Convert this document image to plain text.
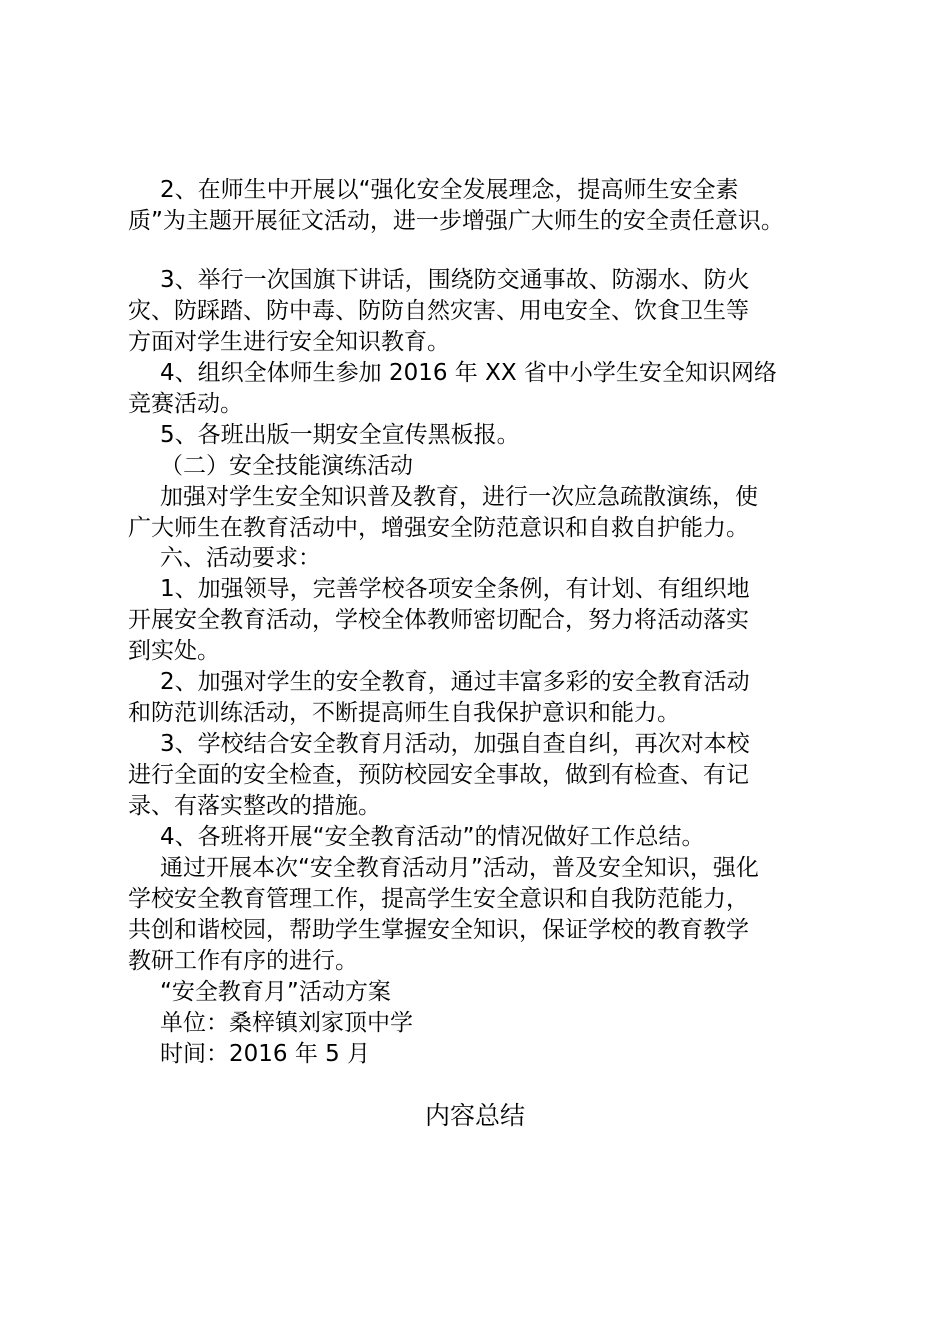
2、在师生中开展以“强化安全发展理念，提高师生安全素
质”为主题开展征文活动，进一步增强广大师生的安全责任意识。
3、举行一次国旗下讲话，围绕防交通事故、防溺水、防火
灾、防踩踏、防中毒、防防自然灾害、用电安全、饮食卫生等
方面对学生进行安全知识教育。
4、组织全体师生参加 2016 年 XX 省中小学生安全知识网络
竞赛活动。
5、各班出版一期安全宣传黑板报。
（二）安全技能演练活动
加强对学生安全知识普及教育，进行一次应急疏散演练，使
广大师生在教育活动中，增强安全防范意识和自救自护能力。
六、活动要求：
1、加强领导，完善学校各项安全条例，有计划、有组织地
开展安全教育活动，学校全体教师密切配合，努力将活动落实
到实处。
2、加强对学生的安全教育，通过丰富多彩的安全教育活动
和防范训练活动，不断提高师生自我保护意识和能力。
3、学校结合安全教育月活动，加强自查自纠，再次对本校
进行全面的安全检查，预防校园安全事故，做到有检查、有记
录、有落实整改的措施。
4、各班将开展“安全教育活动”的情况做好工作总结。
通过开展本次“安全教育活动月”活动，普及安全知识，强化
学校安全教育管理工作，提高学生安全意识和自我防范能力，
共创和谐校园，帮助学生掌握安全知识，保证学校的教育教学
教研工作有序的进行。
“安全教育月”活动方案
单位：桑梓镇刘家顶中学
时间：2016 年 5 月
内容总结
